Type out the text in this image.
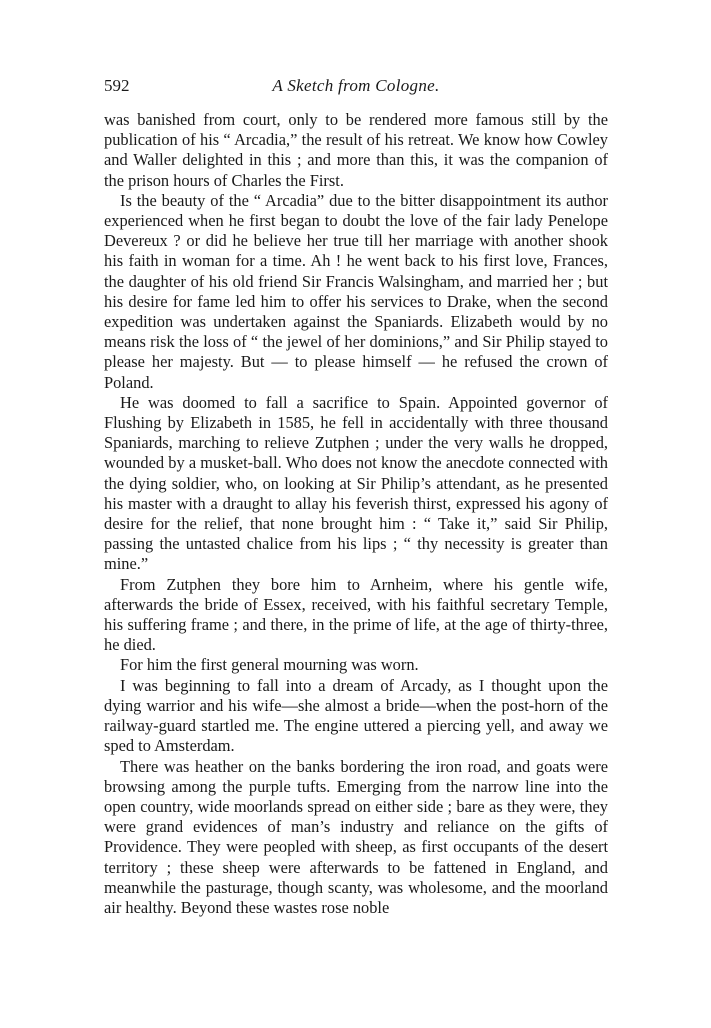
592	A Sketch from Cologne.

was banished from court, only to be rendered more famous still by the publication of his “ Arcadia,” the result of his retreat. We know how Cowley and Waller delighted in this ; and more than this, it was the companion of the prison hours of Charles the First.

Is the beauty of the “ Arcadia” due to the bitter disappointment its author experienced when he first began to doubt the love of the fair lady Penelope Devereux ? or did he believe her true till her marriage with another shook his faith in woman for a time. Ah ! he went back to his first love, Frances, the daughter of his old friend Sir Francis Walsingham, and married her ; but his desire for fame led him to offer his services to Drake, when the second expedition was undertaken against the Spaniards. Elizabeth would by no means risk the loss of “ the jewel of her dominions,” and Sir Philip stayed to please her majesty. But — to please himself — he refused the crown of Poland.

He was doomed to fall a sacrifice to Spain. Appointed governor of Flushing by Elizabeth in 1585, he fell in accidentally with three thousand Spaniards, marching to relieve Zutphen ; under the very walls he dropped, wounded by a musket-ball. Who does not know the anecdote connected with the dying soldier, who, on looking at Sir Philip’s attendant, as he presented his master with a draught to allay his feverish thirst, expressed his agony of desire for the relief, that none brought him : “ Take it,” said Sir Philip, passing the untasted chalice from his lips ; “ thy necessity is greater than mine.”

From Zutphen they bore him to Arnheim, where his gentle wife, afterwards the bride of Essex, received, with his faithful secretary Temple, his suffering frame ; and there, in the prime of life, at the age of thirty-three, he died.

For him the first general mourning was worn.

I was beginning to fall into a dream of Arcady, as I thought upon the dying warrior and his wife—she almost a bride—when the post-horn of the railway-guard startled me. The engine uttered a piercing yell, and away we sped to Amsterdam.

There was heather on the banks bordering the iron road, and goats were browsing among the purple tufts. Emerging from the narrow line into the open country, wide moorlands spread on either side ; bare as they were, they were grand evidences of man’s industry and reliance on the gifts of Providence. They were peopled with sheep, as first occupants of the desert territory ; these sheep were afterwards to be fattened in England, and meanwhile the pasturage, though scanty, was wholesome, and the moorland air healthy. Beyond these wastes rose noble
